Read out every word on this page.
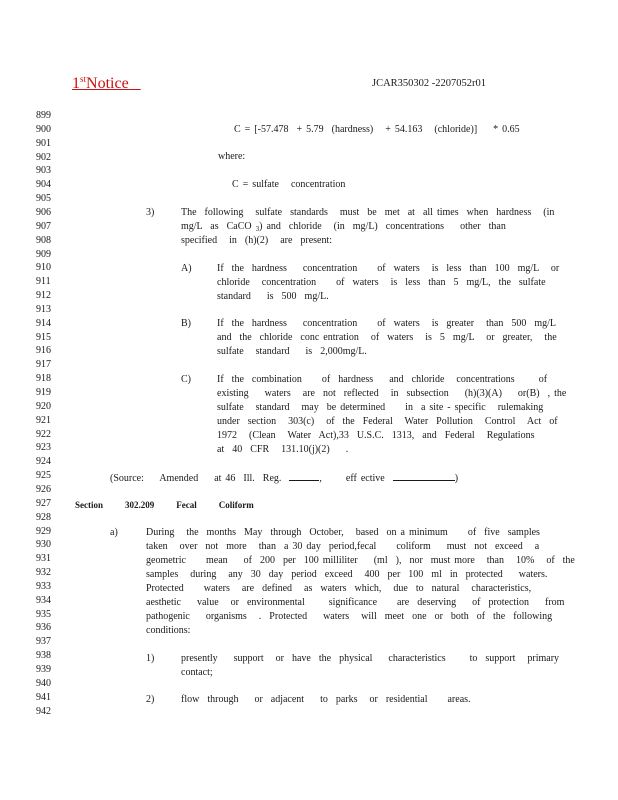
1stNotice	JCAR350302 -2207052r01
899
900
901
902
903
904
905
906
907
908
909
910
911
912
913
914
915
916
917
918
919
920
921
922
923
924
925
926
927
928
929
930
931
932
933
934
935
936
937
938
939
940
941
942
C = [-57.478  + 5.79  (hardness)   + 54.163   (chloride)]    * 0.65
where:
C = sulfate   concentration
3)	The  following   sulfate  standards   must  be  met  at  all times  when  hardness   (in
mg/L  as  CaCO $_3$) and  chloride   (in  mg/L)  concentrations    other  than
specified   in  (h)(2)   are  present:
A)	If  the  hardness    concentration     of  waters   is  less  than  100  mg/L   or
chloride   concentration     of  waters   is  less  than  5  mg/L,  the  sulfate
standard    is  500  mg/L.
B)	If  the  hardness    concentration     of  waters   is  greater   than  500  mg/L
and  the  chloride  conc entration   of  waters   is  5  mg/L   or  greater,   the
sulfate   standard    is  2,000mg/L.
C)	If  the  combination     of  hardness    and  chloride   concentrations      of
existing    waters   are  not  reflected   in  subsection    (h)(3)(A)    or(B)  , the
sulfate   standard   may  be determined     in  a site - specific   rulemaking
under  section   303(c)   of  the  Federal   Water  Pollution   Control   Act  of
1972   (Clean   Water  Act),33  U.S.C.  1313,  and  Federal   Regulations
at  40  CFR   131.10(j)(2)    .
(Source:    Amended    at 46  Ill.  Reg.	,      eff ective	)
Section 302.209 Fecal Coliform
a)	During   the  months  May  through  October,   based  on a minimum     of  five  samples
taken   over  not  more   than  a 30 day  period,fecal     coliform    must  not  exceed   a
geometric     mean    of  200  per  100 milliliter    (ml  ),  nor  must more   than   10%   of  the
samples   during   any  30  day  period  exceed   400  per  100  ml  in  protected    waters.
Protected     waters   are  defined   as  waters  which,   due  to  natural   characteristics,
aesthetic    value   or  environmental      significance     are  deserving    of  protection    from
pathogenic    organisms   .  Protected    waters   will  meet  one  or  both  of  the  following
conditions:
1)	presently    support   or  have  the  physical    characteristics      to  support   primary
contact;
2)	flow  through    or  adjacent    to  parks   or  residential     areas.
